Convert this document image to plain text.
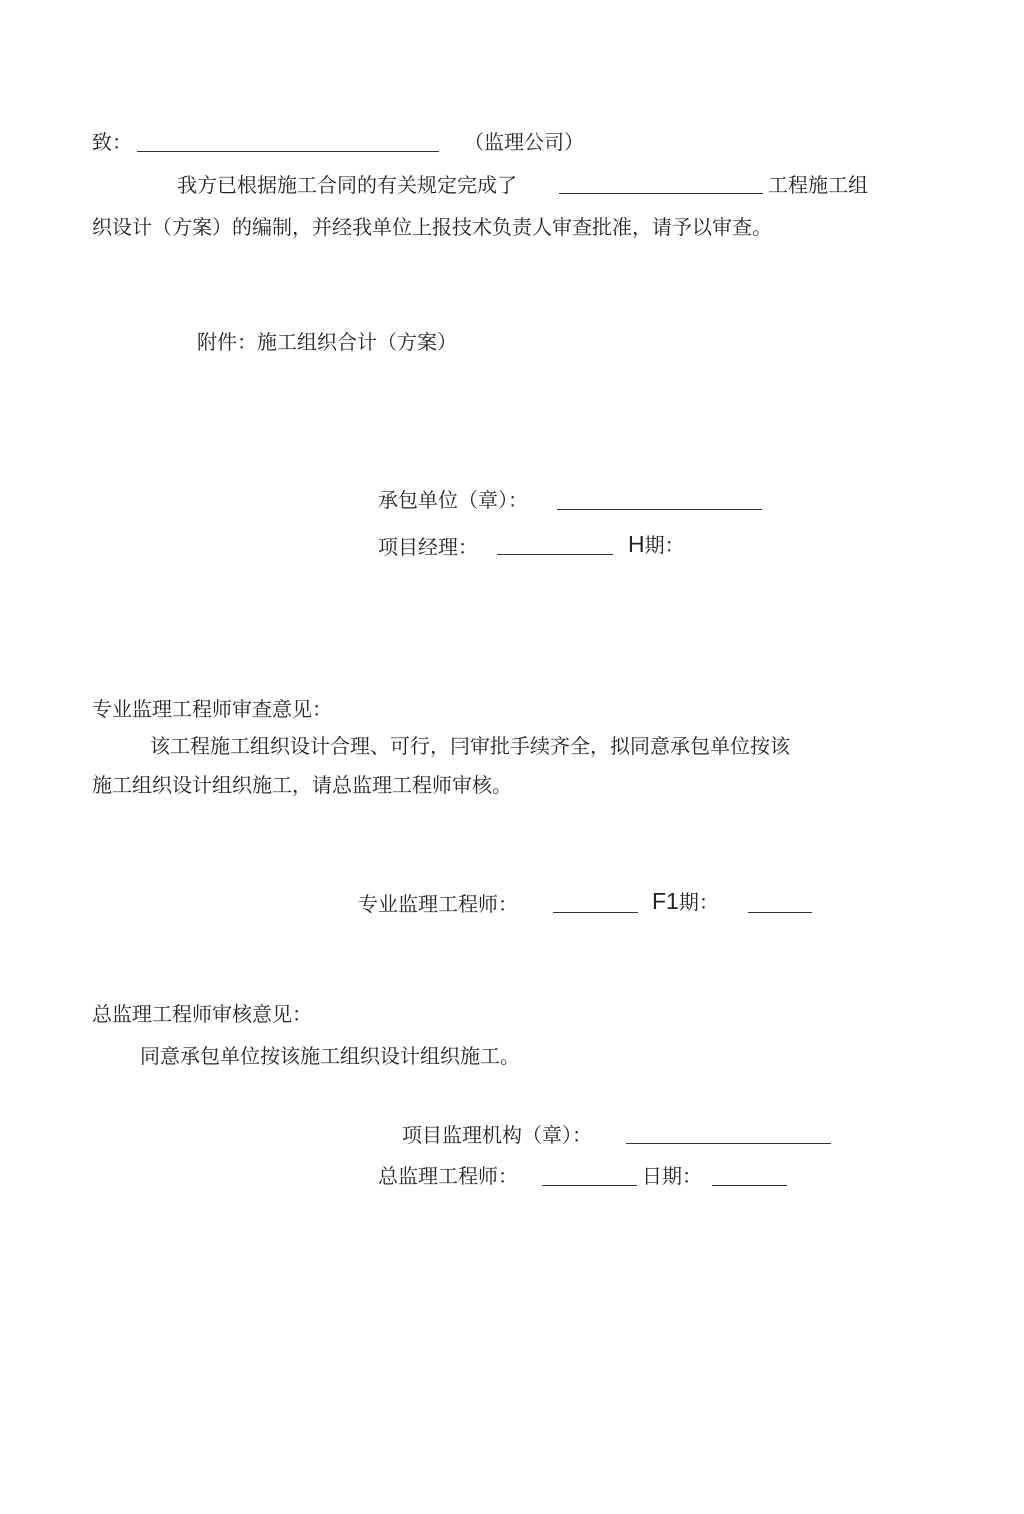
致：	（监理公司）
我方已根据施工合同的有关规定完成了	工程施工组
织设计（方案）的编制，并经我单位上报技术负责人审查批准，请予以审查。
附件：施工组织合计（方案）
承包单位（章）：
项目经理：	H期：
专业监理工程师审查意见：
该工程施工组织设计合理、可行，冃审批手续齐全，拟同意承包单位按该
施工组织设计组织施工，请总监理工程师审核。
专业监理工程师：	F1期：
总监理工程师审核意见：
同意承包单位按该施工组织设计组织施工。
项目监理机构（章）：
总监理工程师：	日期：
